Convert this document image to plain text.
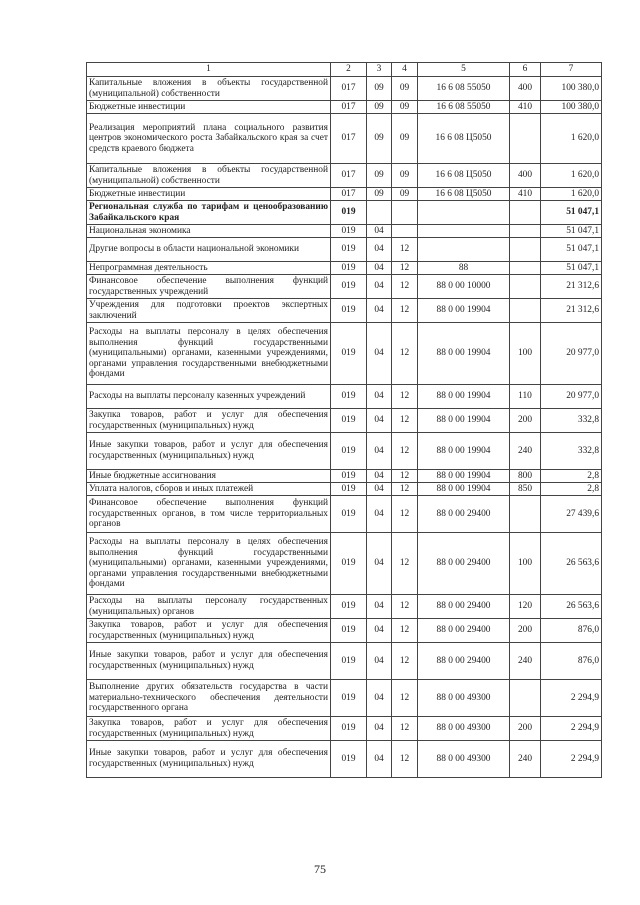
1	2	3	4	5	6	7
Капитальные вложения в объекты государственной (муниципальной) собственности	017	09	09	16 6 08 55050	400	100 380,0
Бюджетные инвестиции	017	09	09	16 6 08 55050	410	100 380,0
Реализация мероприятий плана социального развития центров экономического роста Забайкальского края за счет средств краевого бюджета	017	09	09	16 6 08 Ц5050		1 620,0
Капитальные вложения в объекты государственной (муниципальной) собственности	017	09	09	16 6 08 Ц5050	400	1 620,0
Бюджетные инвестиции	017	09	09	16 6 08 Ц5050	410	1 620,0
Региональная служба по тарифам и ценообразованию Забайкальского края	019					51 047,1
Национальная экономика	019	04				51 047,1
Другие вопросы в области национальной экономики	019	04	12			51 047,1
Непрограммная деятельность	019	04	12	88		51 047,1
Финансовое обеспечение выполнения функций государственных учреждений	019	04	12	88 0 00 10000		21 312,6
Учреждения для подготовки проектов экспертных заключений	019	04	12	88 0 00 19904		21 312,6
Расходы на выплаты персоналу в целях обеспечения выполнения функций государственными (муниципальными) органами, казенными учреждениями, органами управления государственными внебюджетными фондами	019	04	12	88 0 00 19904	100	20 977,0
Расходы на выплаты персоналу казенных учреждений	019	04	12	88 0 00 19904	110	20 977,0
Закупка товаров, работ и услуг для обеспечения государственных (муниципальных) нужд	019	04	12	88 0 00 19904	200	332,8
Иные закупки товаров, работ и услуг для обеспечения государственных (муниципальных) нужд	019	04	12	88 0 00 19904	240	332,8
Иные бюджетные ассигнования	019	04	12	88 0 00 19904	800	2,8
Уплата налогов, сборов и иных платежей	019	04	12	88 0 00 19904	850	2,8
Финансовое обеспечение выполнения функций государственных органов, в том числе территориальных органов	019	04	12	88 0 00 29400		27 439,6
Расходы на выплаты персоналу в целях обеспечения выполнения функций государственными (муниципальными) органами, казенными учреждениями, органами управления государственными внебюджетными фондами	019	04	12	88 0 00 29400	100	26 563,6
Расходы на выплаты персоналу государственных (муниципальных) органов	019	04	12	88 0 00 29400	120	26 563,6
Закупка товаров, работ и услуг для обеспечения государственных (муниципальных) нужд	019	04	12	88 0 00 29400	200	876,0
Иные закупки товаров, работ и услуг для обеспечения государственных (муниципальных) нужд	019	04	12	88 0 00 29400	240	876,0
Выполнение других обязательств государства в части материально-технического обеспечения деятельности государственного органа	019	04	12	88 0 00 49300		2 294,9
Закупка товаров, работ и услуг для обеспечения государственных (муниципальных) нужд	019	04	12	88 0 00 49300	200	2 294,9
Иные закупки товаров, работ и услуг для обеспечения государственных (муниципальных) нужд	019	04	12	88 0 00 49300	240	2 294,9
75
